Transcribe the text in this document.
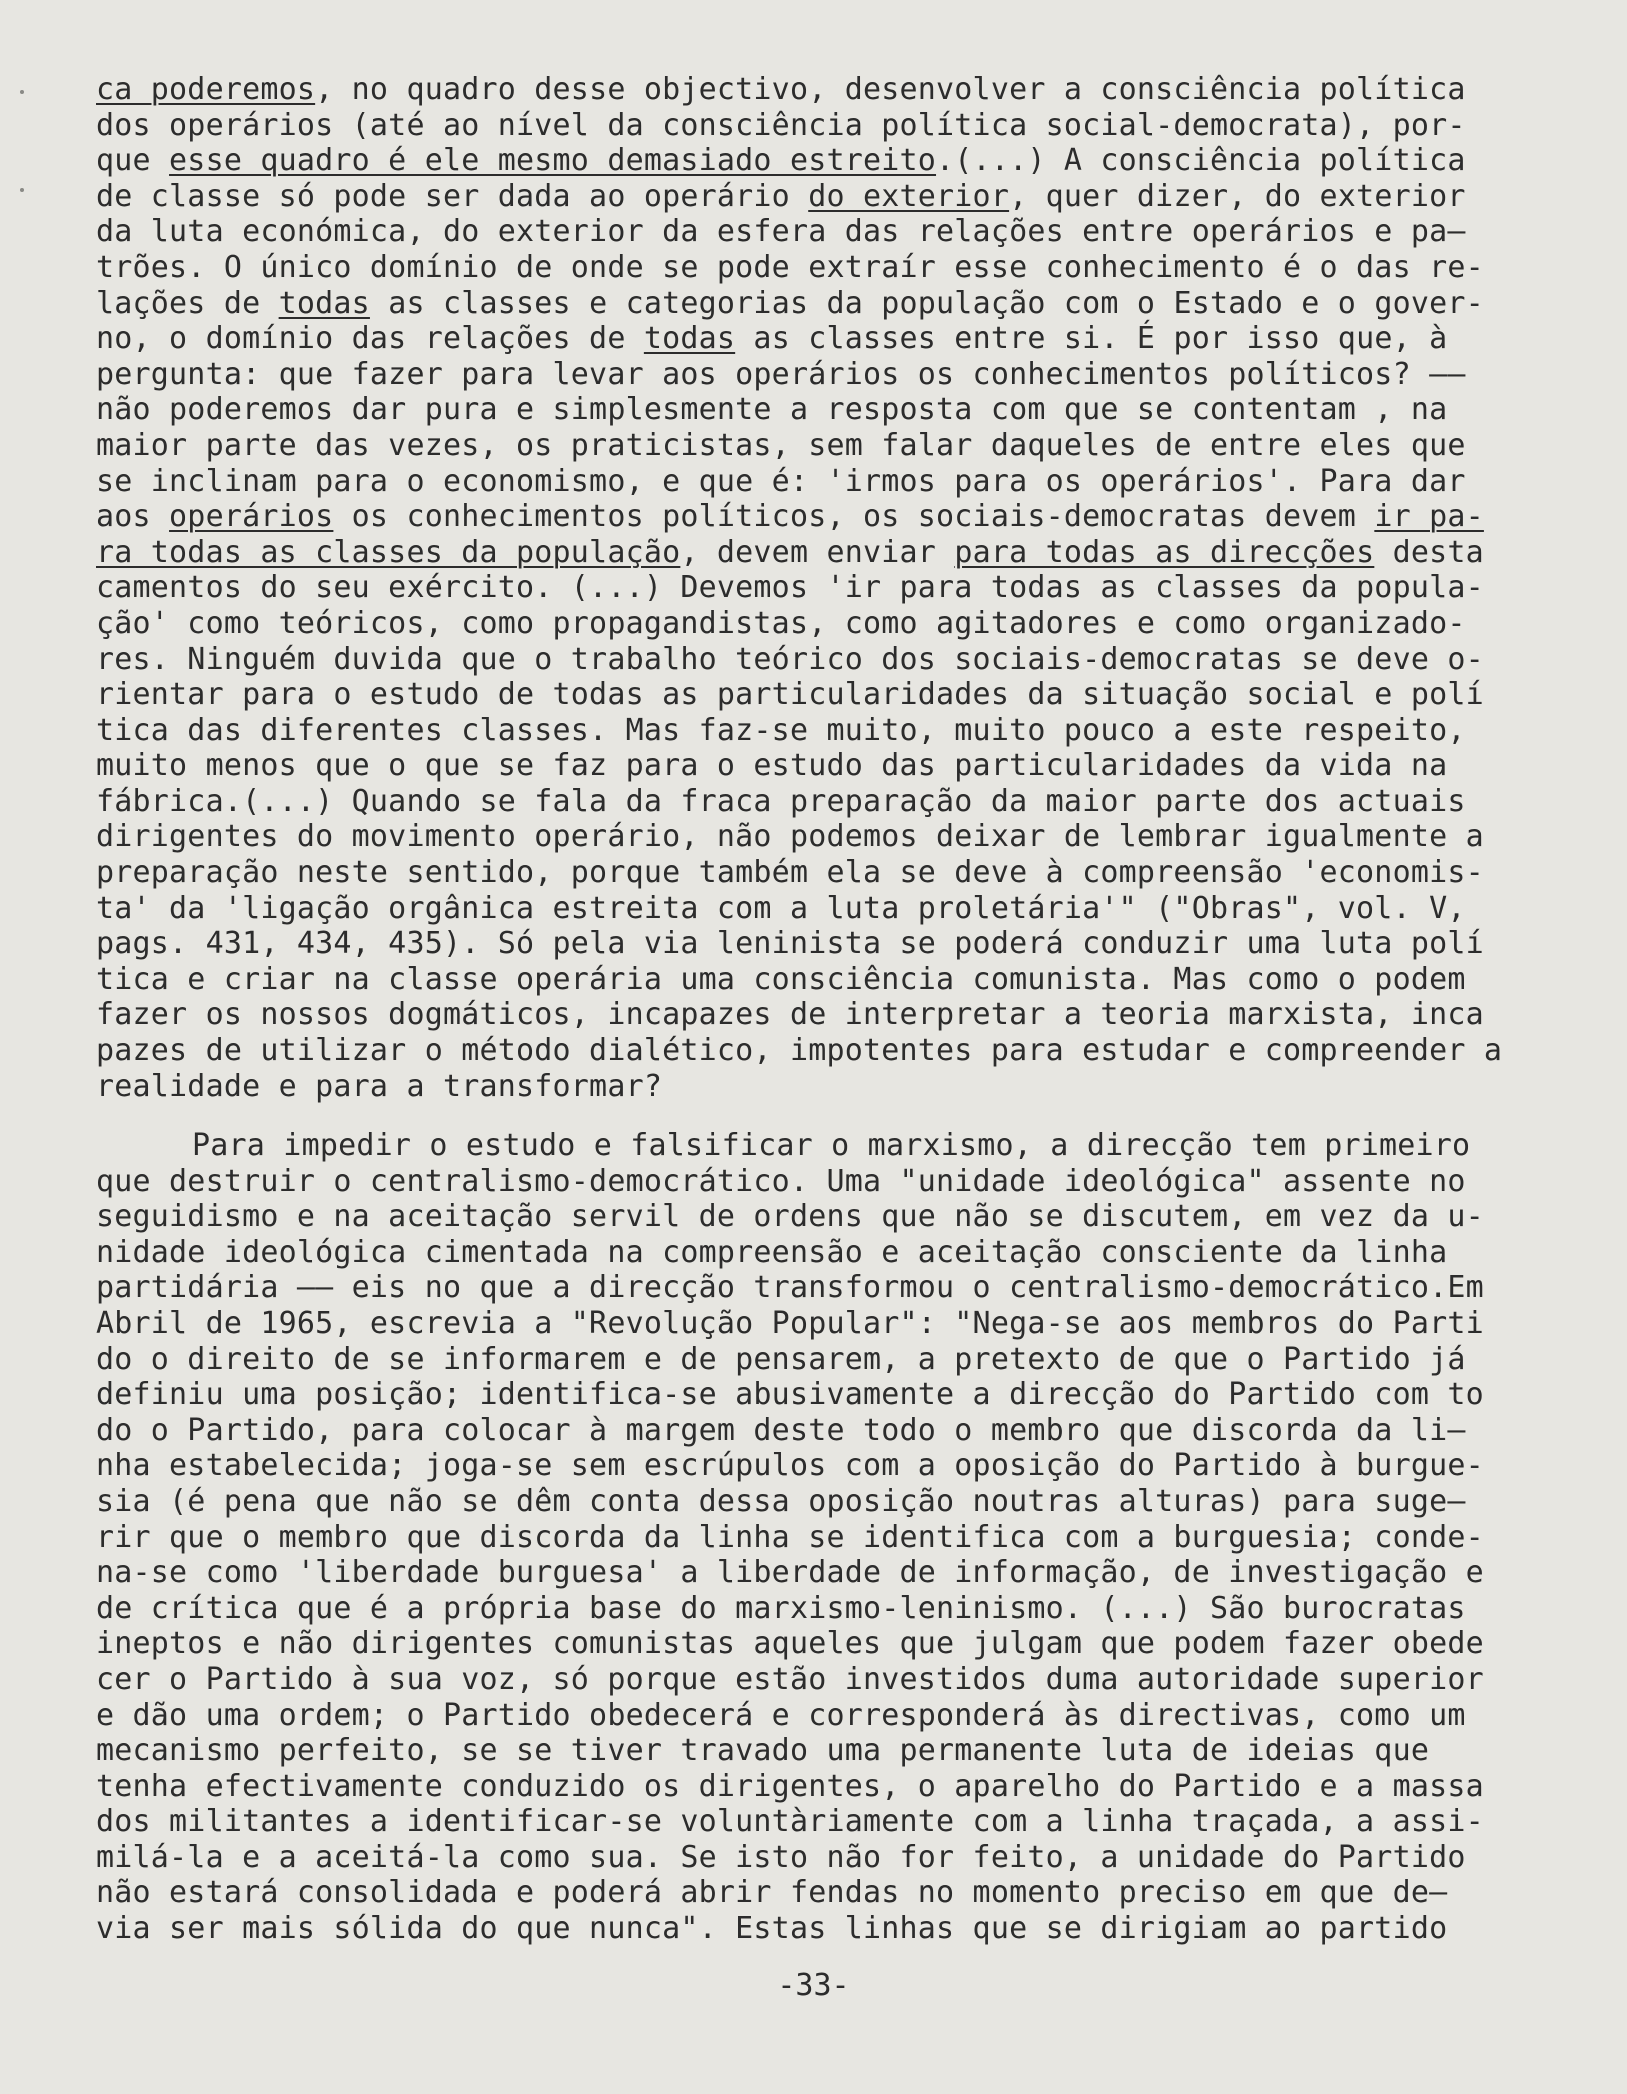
ca poderemos, no quadro desse objectivo, desenvolver a consciência política
dos operários (até ao nível da consciência política social-democrata), por-
que esse quadro é ele mesmo demasiado estreito.(...) A consciência política
de classe só pode ser dada ao operário do exterior, quer dizer, do exterior
da luta económica, do exterior da esfera das relações entre operários e pa—
trões. O único domínio de onde se pode extraír esse conhecimento é o das re-
lações de todas as classes e categorias da população com o Estado e o gover-
no, o domínio das relações de todas as classes entre si. É por isso que, à
pergunta: que fazer para levar aos operários os conhecimentos políticos? ——
não poderemos dar pura e simplesmente a resposta com que se contentam , na
maior parte das vezes, os praticistas, sem falar daqueles de entre eles que
se inclinam para o economismo, e que é: 'irmos para os operários'. Para dar
aos operários os conhecimentos políticos, os sociais-democratas devem ir pa-
ra todas as classes da população, devem enviar para todas as direcções desta
camentos do seu exército. (...) Devemos 'ir para todas as classes da popula-
ção' como teóricos, como propagandistas, como agitadores e como organizado-
res. Ninguém duvida que o trabalho teórico dos sociais-democratas se deve o-
rientar para o estudo de todas as particularidades da situação social e polí
tica das diferentes classes. Mas faz-se muito, muito pouco a este respeito,
muito menos que o que se faz para o estudo das particularidades da vida na
fábrica.(...) Quando se fala da fraca preparação da maior parte dos actuais
dirigentes do movimento operário, não podemos deixar de lembrar igualmente a
preparação neste sentido, porque também ela se deve à compreensão 'economis-
ta' da 'ligação orgânica estreita com a luta proletária'" ("Obras", vol. V,
pags. 431, 434, 435). Só pela via leninista se poderá conduzir uma luta polí
tica e criar na classe operária uma consciência comunista. Mas como o podem
fazer os nossos dogmáticos, incapazes de interpretar a teoria marxista, inca
pazes de utilizar o método dialético, impotentes para estudar e compreender a
realidade e para a transformar?
Para impedir o estudo e falsificar o marxismo, a direcção tem primeiro
que destruir o centralismo-democrático. Uma "unidade ideológica" assente no
seguidismo e na aceitação servil de ordens que não se discutem, em vez da u-
nidade ideológica cimentada na compreensão e aceitação consciente da linha
partidária —— eis no que a direcção transformou o centralismo-democrático.Em
Abril de 1965, escrevia a "Revolução Popular": "Nega-se aos membros do Parti
do o direito de se informarem e de pensarem, a pretexto de que o Partido já
definiu uma posição; identifica-se abusivamente a direcção do Partido com to
do o Partido, para colocar à margem deste todo o membro que discorda da li—
nha estabelecida; joga-se sem escrúpulos com a oposição do Partido à burgue-
sia (é pena que não se dêm conta dessa oposição noutras alturas) para suge—
rir que o membro que discorda da linha se identifica com a burguesia; conde-
na-se como 'liberdade burguesa' a liberdade de informação, de investigação e
de crítica que é a própria base do marxismo-leninismo. (...) São burocratas
ineptos e não dirigentes comunistas aqueles que julgam que podem fazer obede
cer o Partido à sua voz, só porque estão investidos duma autoridade superior
e dão uma ordem; o Partido obedecerá e corresponderá às directivas, como um
mecanismo perfeito, se se tiver travado uma permanente luta de ideias que
tenha efectivamente conduzido os dirigentes, o aparelho do Partido e a massa
dos militantes a identificar-se voluntàriamente com a linha traçada, a assi-
milá-la e a aceitá-la como sua. Se isto não for feito, a unidade do Partido
não estará consolidada e poderá abrir fendas no momento preciso em que de—
via ser mais sólida do que nunca". Estas linhas que se dirigiam ao partido
-33-
